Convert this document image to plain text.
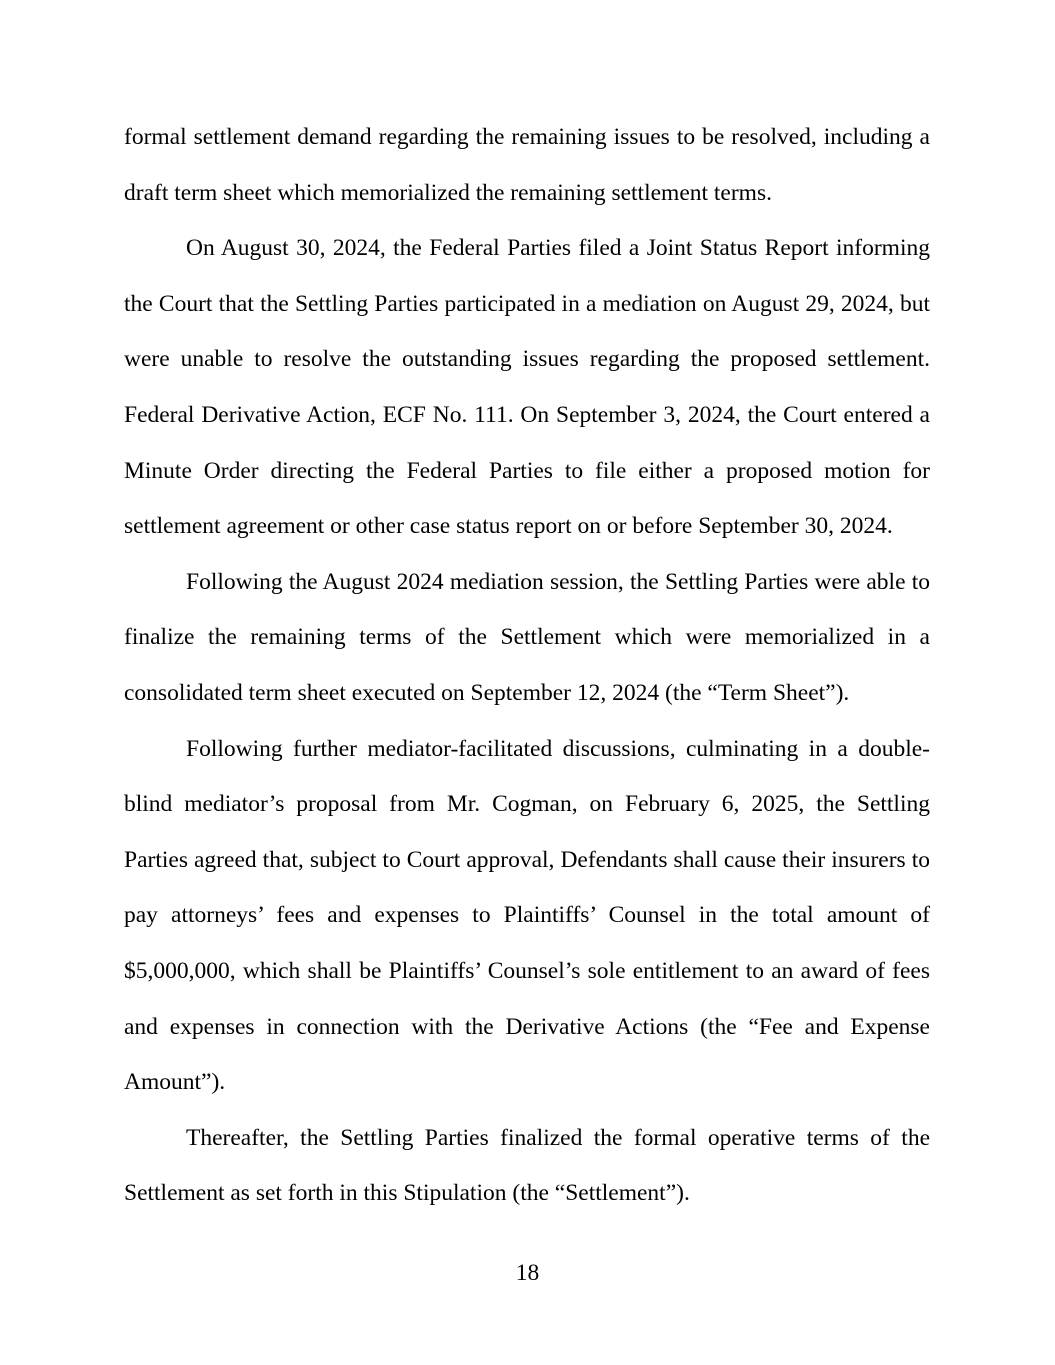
formal settlement demand regarding the remaining issues to be resolved, including a draft term sheet which memorialized the remaining settlement terms.

On August 30, 2024, the Federal Parties filed a Joint Status Report informing the Court that the Settling Parties participated in a mediation on August 29, 2024, but were unable to resolve the outstanding issues regarding the proposed settlement. Federal Derivative Action, ECF No. 111. On September 3, 2024, the Court entered a Minute Order directing the Federal Parties to file either a proposed motion for settlement agreement or other case status report on or before September 30, 2024.

Following the August 2024 mediation session, the Settling Parties were able to finalize the remaining terms of the Settlement which were memorialized in a consolidated term sheet executed on September 12, 2024 (the “Term Sheet”).

Following further mediator-facilitated discussions, culminating in a double-blind mediator’s proposal from Mr. Cogman, on February 6, 2025, the Settling Parties agreed that, subject to Court approval, Defendants shall cause their insurers to pay attorneys’ fees and expenses to Plaintiffs’ Counsel in the total amount of $5,000,000, which shall be Plaintiffs’ Counsel’s sole entitlement to an award of fees and expenses in connection with the Derivative Actions (the “Fee and Expense Amount”).

Thereafter, the Settling Parties finalized the formal operative terms of the Settlement as set forth in this Stipulation (the “Settlement”).

18
